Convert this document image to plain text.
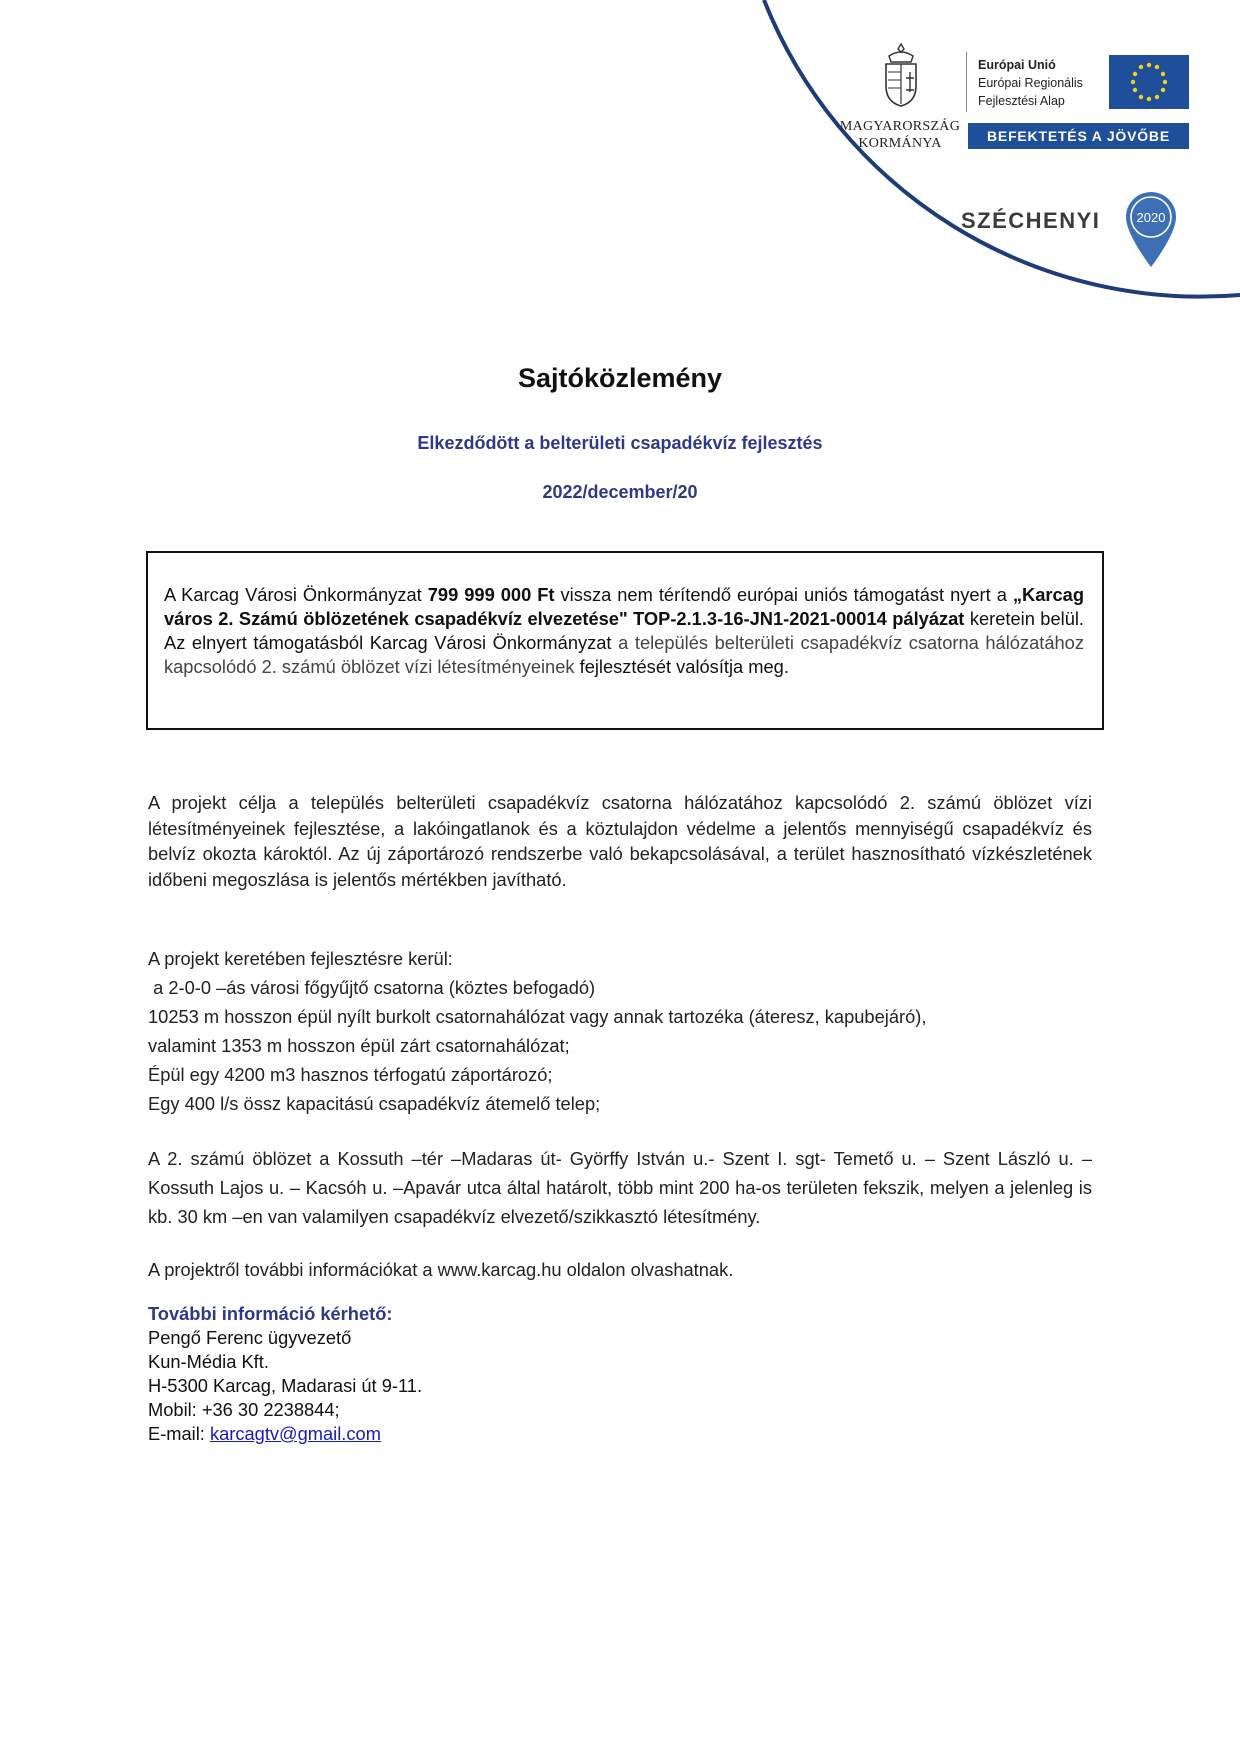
MAGYARORSZÁG
KORMÁNYA
Európai Unió
Európai Regionális
Fejlesztési Alap
BEFEKTETÉS A JÖVŐBE
SZÉCHENYI	2020
Sajtóközlemény
Elkezdődött a belterületi csapadékvíz fejlesztés
2022/december/20
A Karcag Városi Önkormányzat 799 999 000 Ft vissza nem térítendő európai uniós támogatást nyert a „Karcag város 2. Számú öblözetének csapadékvíz elvezetése" TOP-2.1.3-16-JN1-2021-00014 pályázat keretein belül. Az elnyert támogatásból Karcag Városi Önkormányzat a település belterületi csapadékvíz csatorna hálózatához kapcsolódó 2. számú öblözet vízi létesítményeinek fejlesztését valósítja meg.
A projekt célja a település belterületi csapadékvíz csatorna hálózatához kapcsolódó 2. számú öblözet vízi létesítményeinek fejlesztése, a lakóingatlanok és a köztulajdon védelme a jelentős mennyiségű csapadékvíz és belvíz okozta károktól. Az új záportározó rendszerbe való bekapcsolásával, a terület hasznosítható vízkészletének időbeni megoszlása is jelentős mértékben javítható.
A projekt keretében fejlesztésre kerül:
a 2-0-0 –ás városi főgyűjtő csatorna (köztes befogadó)
10253 m hosszon épül nyílt burkolt csatornahálózat vagy annak tartozéka (áteresz, kapubejáró),
valamint 1353 m hosszon épül zárt csatornahálózat;
Épül egy 4200 m3 hasznos térfogatú záportározó;
Egy 400 l/s össz kapacitású csapadékvíz átemelő telep;
A 2. számú öblözet a Kossuth –tér –Madaras út- Györffy István u.- Szent I. sgt- Temető u. – Szent László u. –Kossuth Lajos u. – Kacsóh u. –Apavár utca által határolt, több mint 200 ha-os területen fekszik, melyen a jelenleg is kb. 30 km –en van valamilyen csapadékvíz elvezető/szikkasztó létesítmény.
A projektről további információkat a www.karcag.hu oldalon olvashatnak.
További információ kérhető:
Pengő Ferenc ügyvezető
Kun-Média Kft.
H-5300 Karcag, Madarasi út 9-11.
Mobil: +36 30 2238844;
E-mail: karcagtv@gmail.com
